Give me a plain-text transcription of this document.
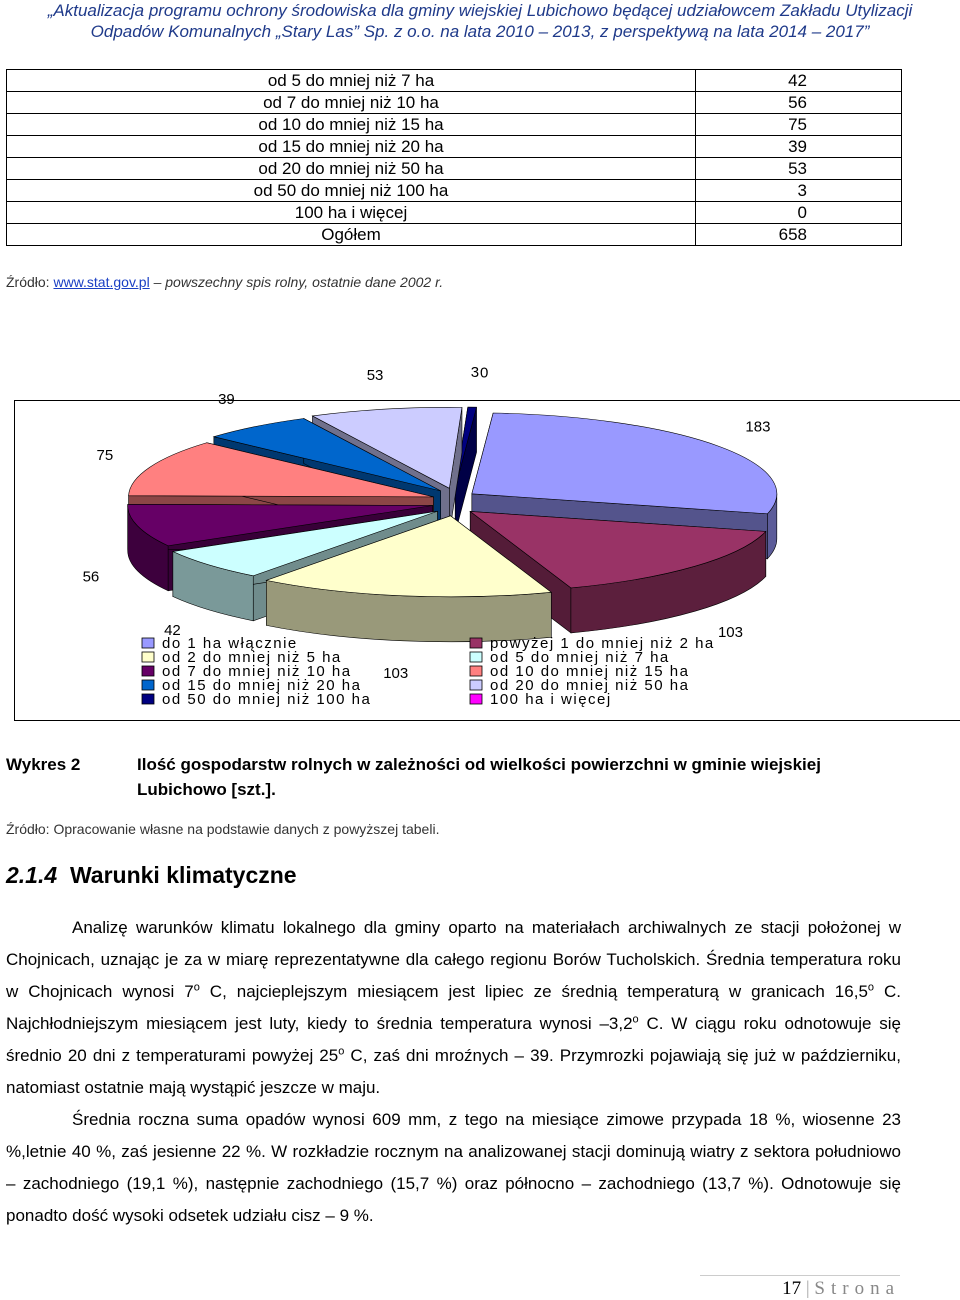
„Aktualizacja programu ochrony środowiska dla gminy wiejskiej Lubichowo będącej udziałowcem Zakładu Utylizacji
Odpadów Komunalnych „Stary Las” Sp. z o.o. na lata 2010 – 2013, z perspektywą na lata 2014 – 2017”
od 5 do mniej niż 7 ha	42
od 7 do mniej niż 10 ha	56
od 10 do mniej niż 15 ha	75
od 15 do mniej niż 20 ha	39
od 20 do mniej niż 50 ha	53
od 50 do mniej niż 100 ha	3
100 ha i więcej	0
Ogółem	658
Źródło: www.stat.gov.pl – powszechny spis rolny, ostatnie dane 2002 r.
183
103
103
42
56
75
39
53	3 0
do 1 ha włącznie	powyżej 1 do mniej niż 2 ha
od 2 do mniej niż 5 ha	od 5 do mniej niż 7 ha
od 7 do mniej niż 10 ha	od 10 do mniej niż 15 ha
od 15 do mniej niż 20 ha	od 20 do mniej niż 50 ha
od 50 do mniej niż 100 ha	100 ha i więcej
Wykres 2	Ilość gospodarstw rolnych w zależności od wielkości powierzchni w gminie wiejskiej Lubichowo [szt.].
Źródło: Opracowanie własne na podstawie danych z powyższej tabeli.
2.1.4 Warunki klimatyczne
Analizę warunków klimatu lokalnego dla gminy oparto na materiałach archiwalnych ze stacji położonej w Chojnicach, uznając je za w miarę reprezentatywne dla całego regionu Borów Tucholskich. Średnia temperatura roku w Chojnicach wynosi 7$^o$ C, najcieplejszym miesiącem jest lipiec ze średnią temperaturą w granicach 16,5$^o$ C. Najchłodniejszym miesiącem jest luty, kiedy to średnia temperatura wynosi –3,2$^o$ C. W ciągu roku odnotowuje się średnio 20 dni z temperaturami powyżej 25$^o$ C, zaś dni mroźnych – 39. Przymrozki pojawiają się już w październiku, natomiast ostatnie mają wystąpić jeszcze w maju.
Średnia roczna suma opadów wynosi 609 mm, z tego na miesiące zimowe przypada 18 %, wiosenne 23 %,letnie 40 %, zaś jesienne 22 %. W rozkładzie rocznym na analizowanej stacji dominują wiatry z sektora południowo – zachodniego (19,1 %), następnie zachodniego (15,7 %) oraz północno – zachodniego (13,7 %). Odnotowuje się ponadto dość wysoki odsetek udziału cisz – 9 %.
17 | Strona
